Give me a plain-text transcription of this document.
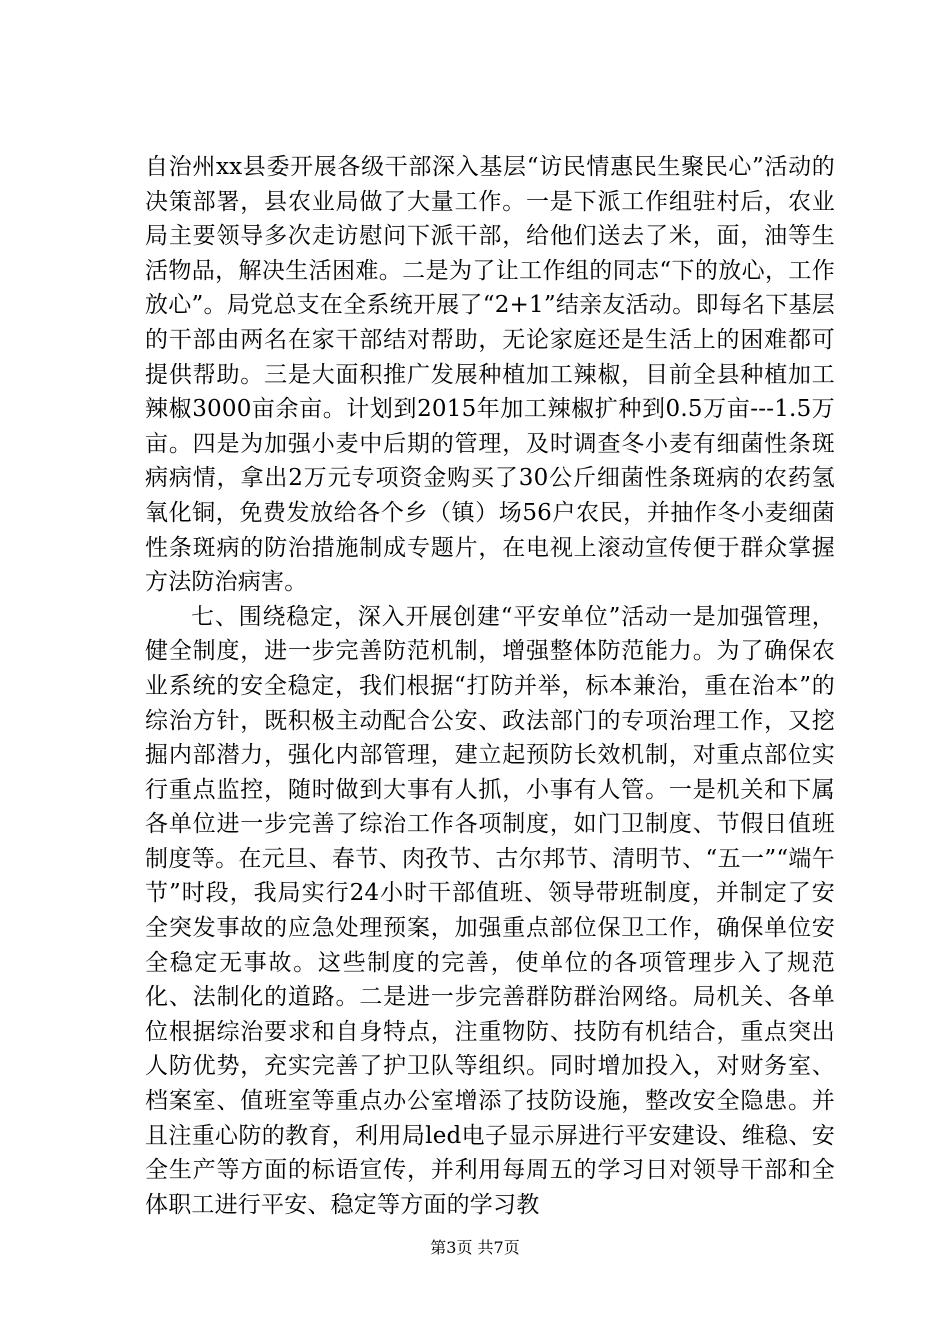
自治州xx县委开展各级干部深入基层“访民情惠民生聚民心”活动的决策部署，县农业局做了大量工作。一是下派工作组驻村后，农业局主要领导多次走访慰问下派干部，给他们送去了米，面，油等生活物品，解决生活困难。二是为了让工作组的同志“下的放心，工作放心”。局党总支在全系统开展了“2+1”结亲友活动。即每名下基层的干部由两名在家干部结对帮助，无论家庭还是生活上的困难都可提供帮助。三是大面积推广发展种植加工辣椒，目前全县种植加工辣椒3000亩余亩。计划到2015年加工辣椒扩种到0.5万亩---1.5万亩。四是为加强小麦中后期的管理，及时调查冬小麦有细菌性条斑病病情，拿出2万元专项资金购买了30公斤细菌性条斑病的农药氢氧化铜，免费发放给各个乡（镇）场56户农民，并抽作冬小麦细菌性条斑病的防治措施制成专题片，在电视上滚动宣传便于群众掌握方法防治病害。

七、围绕稳定，深入开展创建“平安单位”活动一是加强管理，健全制度，进一步完善防范机制，增强整体防范能力。为了确保农业系统的安全稳定，我们根据“打防并举，标本兼治，重在治本”的综治方针，既积极主动配合公安、政法部门的专项治理工作，又挖掘内部潜力，强化内部管理，建立起预防长效机制，对重点部位实行重点监控，随时做到大事有人抓，小事有人管。一是机关和下属各单位进一步完善了综治工作各项制度，如门卫制度、节假日值班制度等。在元旦、春节、肉孜节、古尔邦节、清明节、“五一”“端午节”时段，我局实行24小时干部值班、领导带班制度，并制定了安全突发事故的应急处理预案，加强重点部位保卫工作，确保单位安全稳定无事故。这些制度的完善，使单位的各项管理步入了规范化、法制化的道路。二是进一步完善群防群治网络。局机关、各单位根据综治要求和自身特点，注重物防、技防有机结合，重点突出人防优势，充实完善了护卫队等组织。同时增加投入，对财务室、档案室、值班室等重点办公室增添了技防设施，整改安全隐患。并且注重心防的教育，利用局led电子显示屏进行平安建设、维稳、安全生产等方面的标语宣传，并利用每周五的学习日对领导干部和全体职工进行平安、稳定等方面的学习教

第3页 共7页
